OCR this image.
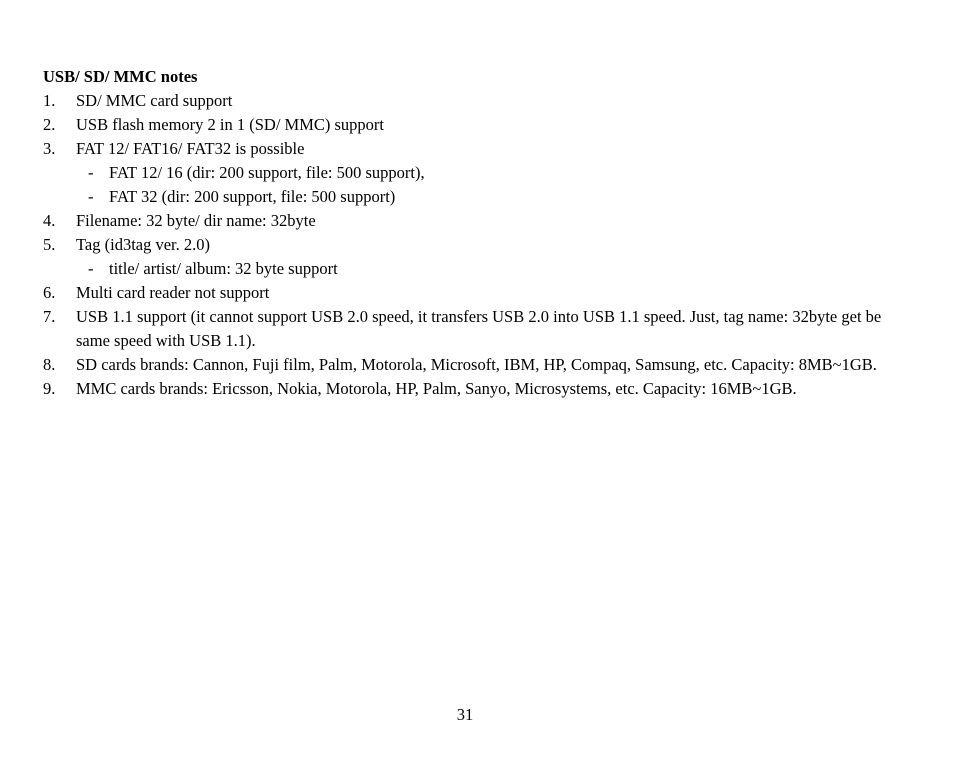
USB/ SD/ MMC notes

1. SD/ MMC card support
2. USB flash memory 2 in 1 (SD/ MMC) support
3. FAT 12/ FAT16/ FAT32 is possible
- FAT 12/ 16 (dir: 200 support, file: 500 support),
- FAT 32 (dir: 200 support, file: 500 support)
4. Filename: 32 byte/ dir name: 32byte
5. Tag (id3tag ver. 2.0)
- title/ artist/ album: 32 byte support
6. Multi card reader not support
7. USB 1.1 support (it cannot support USB 2.0 speed, it transfers USB 2.0 into USB 1.1 speed. Just, tag name: 32byte get be same speed with USB 1.1).
8. SD cards brands: Cannon, Fuji film, Palm, Motorola, Microsoft, IBM, HP, Compaq, Samsung, etc. Capacity: 8MB~1GB.
9. MMC cards brands: Ericsson, Nokia, Motorola, HP, Palm, Sanyo, Microsystems, etc. Capacity: 16MB~1GB.
31
